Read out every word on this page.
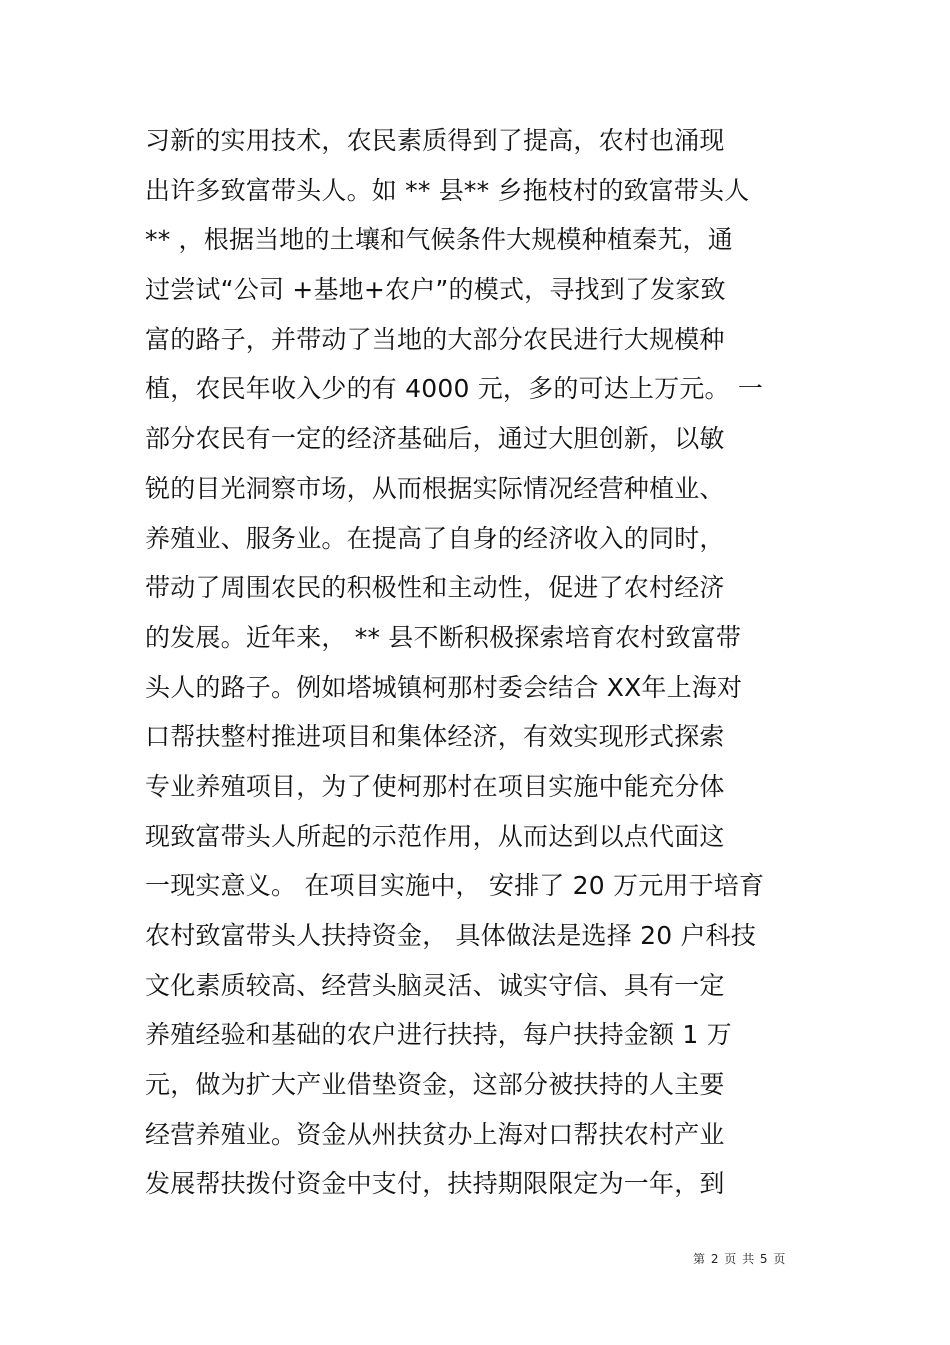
习新的实用技术，农民素质得到了提高，农村也涌现
出许多致富带头人。如 ** 县** 乡拖枝村的致富带头人
** ，根据当地的土壤和气候条件大规模种植秦艽，通
过尝试“公司 +基地+农户”的模式，寻找到了发家致
富的路子，并带动了当地的大部分农民进行大规模种
植，农民年收入少的有 4000 元，多的可达上万元。 一
部分农民有一定的经济基础后，通过大胆创新，以敏
锐的目光洞察市场，从而根据实际情况经营种植业、
养殖业、服务业。在提高了自身的经济收入的同时，
带动了周围农民的积极性和主动性，促进了农村经济
的发展。近年来， ** 县不断积极探索培育农村致富带
头人的路子。例如塔城镇柯那村委会结合 XX年上海对
口帮扶整村推进项目和集体经济，有效实现形式探索
专业养殖项目，为了使柯那村在项目实施中能充分体
现致富带头人所起的示范作用，从而达到以点代面这
一现实意义。 在项目实施中， 安排了 20 万元用于培育
农村致富带头人扶持资金， 具体做法是选择 20 户科技
文化素质较高、经营头脑灵活、诚实守信、具有一定
养殖经验和基础的农户进行扶持，每户扶持金额 1 万
元，做为扩大产业借垫资金，这部分被扶持的人主要
经营养殖业。资金从州扶贫办上海对口帮扶农村产业
发展帮扶拨付资金中支付，扶持期限限定为一年，到
第 2 页 共 5 页
